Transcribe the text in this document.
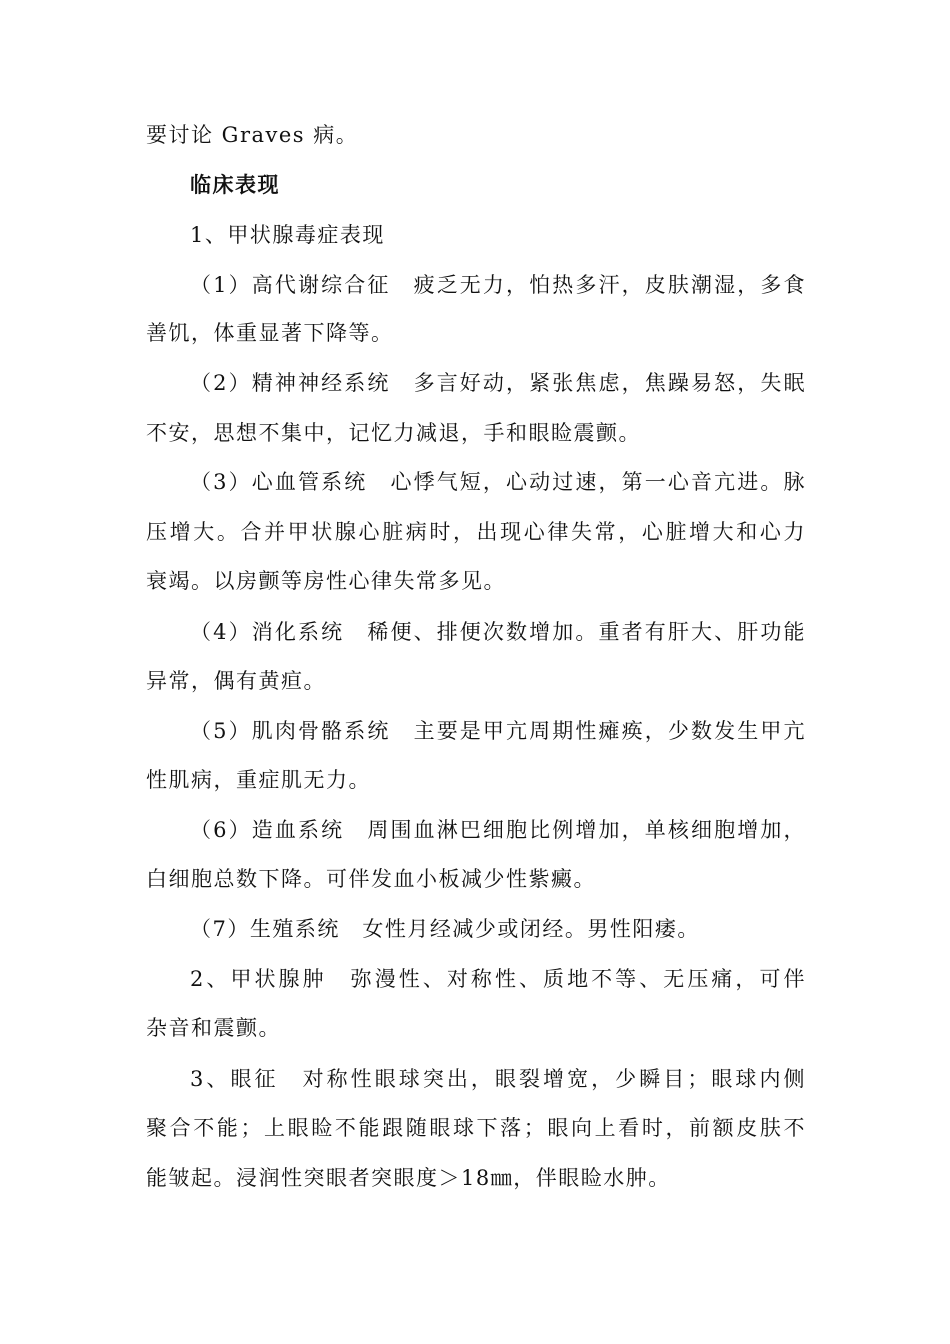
要讨论 Graves 病。
临床表现
1、甲状腺毒症表现
（1）高代谢综合征　疲乏无力，怕热多汗，皮肤潮湿，多食
善饥，体重显著下降等。
（2）精神神经系统　多言好动，紧张焦虑，焦躁易怒，失眠
不安，思想不集中，记忆力减退，手和眼睑震颤。
（3）心血管系统　心悸气短，心动过速，第一心音亢进。脉
压增大。合并甲状腺心脏病时，出现心律失常，心脏增大和心力
衰竭。以房颤等房性心律失常多见。
（4）消化系统　稀便、排便次数增加。重者有肝大、肝功能
异常，偶有黄疸。
（5）肌肉骨骼系统　主要是甲亢周期性瘫痪，少数发生甲亢
性肌病，重症肌无力。
（6）造血系统　周围血淋巴细胞比例增加，单核细胞增加，
白细胞总数下降。可伴发血小板减少性紫癜。
（7）生殖系统　女性月经减少或闭经。男性阳痿。
2、甲状腺肿　弥漫性、对称性、质地不等、无压痛，可伴
杂音和震颤。
3、眼征　对称性眼球突出，眼裂增宽，少瞬目；眼球内侧
聚合不能；上眼睑不能跟随眼球下落；眼向上看时，前额皮肤不
能皱起。浸润性突眼者突眼度＞18㎜，伴眼睑水肿。
